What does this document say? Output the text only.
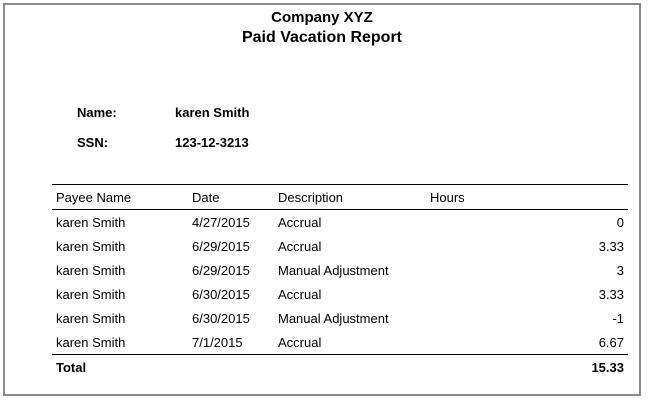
Company XYZ
Paid Vacation Report
Name:	karen Smith
SSN:	123-12-3213
Payee Name	Date	Description	Hours
karen Smith	4/27/2015 Accrual	0
karen Smith	6/29/2015 Accrual	3.33
karen Smith	6/29/2015 Manual Adjustment	3
karen Smith	6/30/2015 Accrual	3.33
karen Smith	6/30/2015 Manual Adjustment	-1
karen Smith	7/1/2015	Accrual	6.67
Total	15.33
